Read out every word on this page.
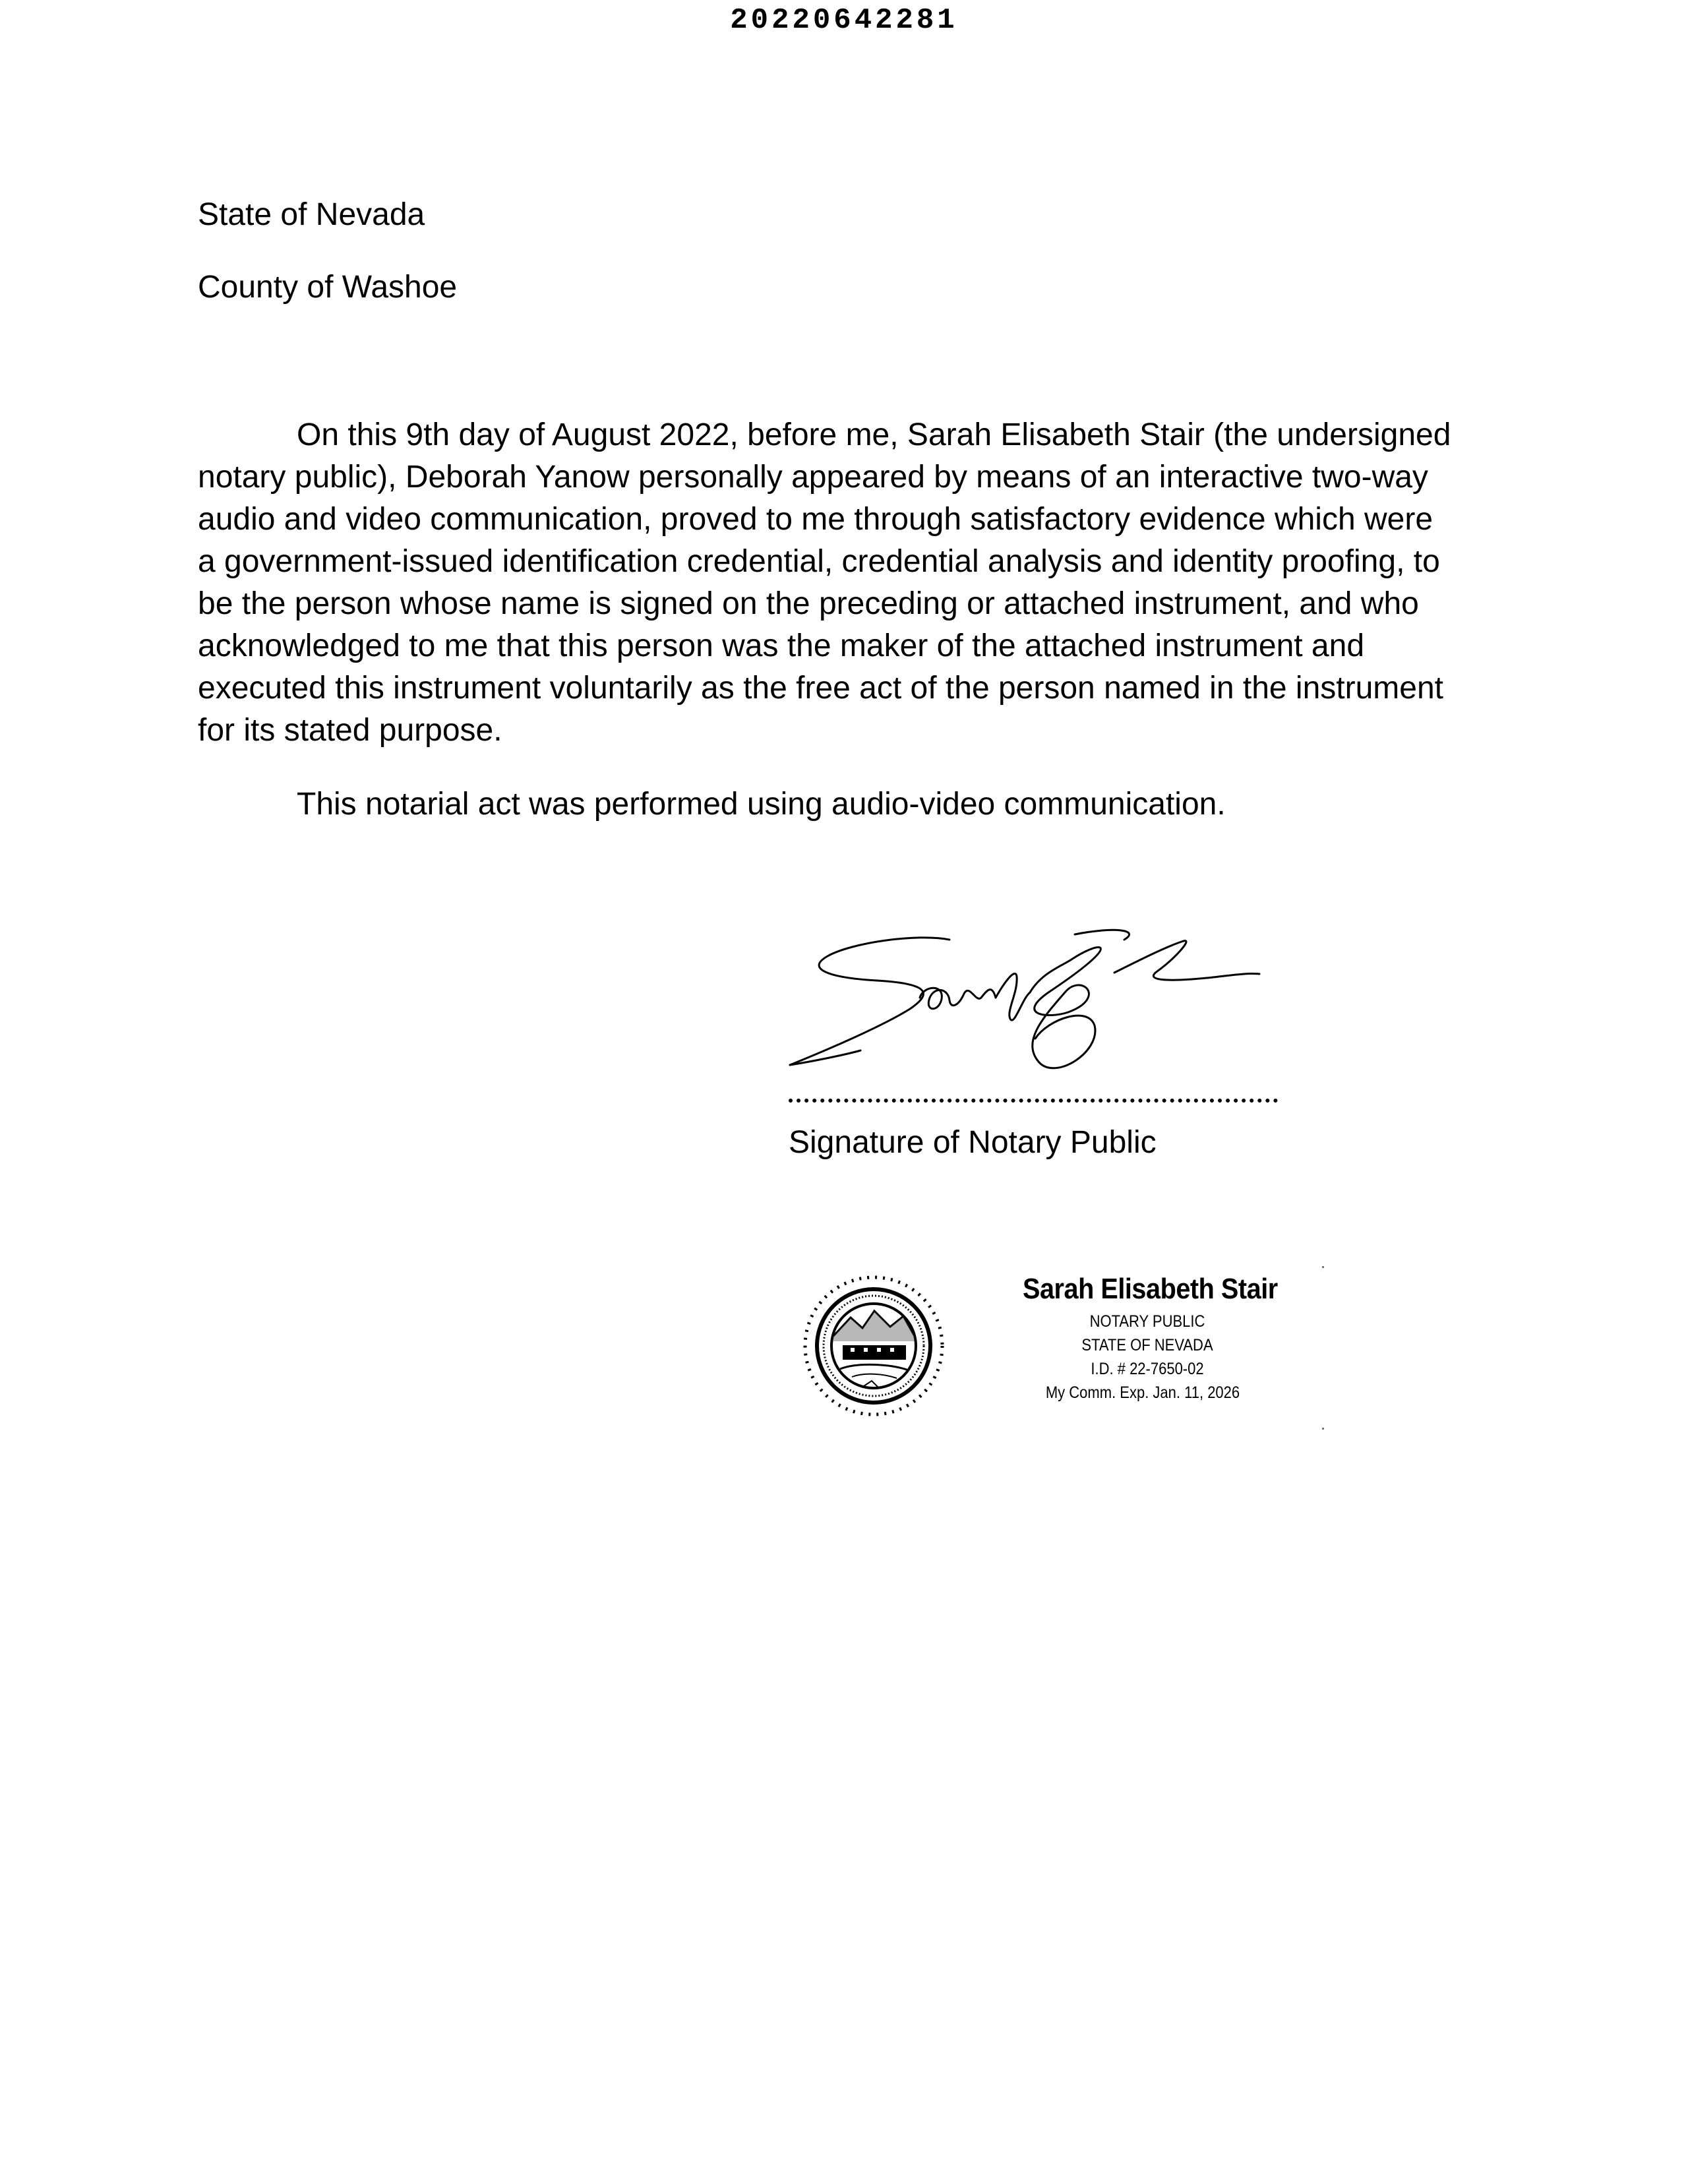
20220642281
State of Nevada
County of Washoe

On this 9th day of August 2022, before me, Sarah Elisabeth Stair (the undersigned notary public), Deborah Yanow personally appeared by means of an interactive two-way audio and video communication, proved to me through satisfactory evidence which were a government-issued identification credential, credential analysis and identity proofing, to be the person whose name is signed on the preceding or attached instrument, and who acknowledged to me that this person was the maker of the attached instrument and executed this instrument voluntarily as the free act of the person named in the instrument for its stated purpose.

This notarial act was performed using audio-video communication.

Signature of Notary Public
Sarah Elisabeth Stair
NOTARY PUBLIC
STATE OF NEVADA
I.D. # 22-7650-02
My Comm. Exp. Jan. 11, 2026
